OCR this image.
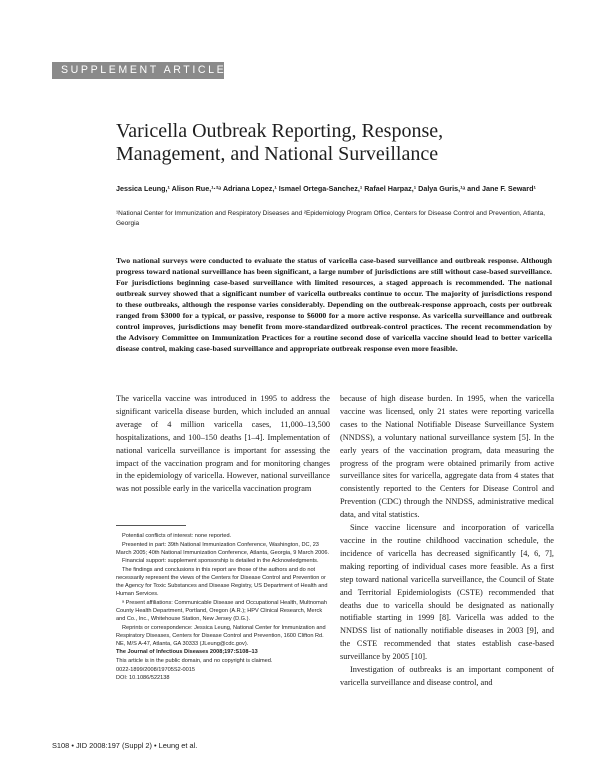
SUPPLEMENT ARTICLE
Varicella Outbreak Reporting, Response, Management, and National Surveillance

Jessica Leung,¹ Alison Rue,¹·²ᵃ Adriana Lopez,¹ Ismael Ortega-Sanchez,¹ Rafael Harpaz,¹ Dalya Guris,¹ᵃ and Jane F. Seward¹

¹National Center for Immunization and Respiratory Diseases and ²Epidemiology Program Office, Centers for Disease Control and Prevention, Atlanta, Georgia

Two national surveys were conducted to evaluate the status of varicella case-based surveillance and outbreak response. Although progress toward national surveillance has been significant, a large number of jurisdictions are still without case-based surveillance. For jurisdictions beginning case-based surveillance with limited resources, a staged approach is recommended. The national outbreak survey showed that a significant number of varicella outbreaks continue to occur. The majority of jurisdictions respond to these outbreaks, although the response varies considerably. Depending on the outbreak-response approach, costs per outbreak ranged from $3000 for a typical, or passive, response to $6000 for a more active response. As varicella surveillance and outbreak control improves, jurisdictions may benefit from more-standardized outbreak-control practices. The recent recommendation by the Advisory Committee on Immunization Practices for a routine second dose of varicella vaccine should lead to better varicella disease control, making case-based surveillance and appropriate outbreak response even more feasible.

The varicella vaccine was introduced in 1995 to address the significant varicella disease burden, which included an annual average of 4 million varicella cases, 11,000–13,500 hospitalizations, and 100–150 deaths [1–4]. Implementation of national varicella surveillance is important for assessing the impact of the vaccination program and for monitoring changes in the epidemiology of varicella. However, national surveillance was not possible early in the varicella vaccination program

Potential conflicts of interest: none reported.

Presented in part: 39th National Immunization Conference, Washington, DC, 23 March 2005; 40th National Immunization Conference, Atlanta, Georgia, 9 March 2006.

Financial support: supplement sponsorship is detailed in the Acknowledgments.

The findings and conclusions in this report are those of the authors and do not necessarily represent the views of the Centers for Disease Control and Prevention or the Agency for Toxic Substances and Disease Registry, US Department of Health and Human Services.

ᵃ Present affiliations: Communicable Disease and Occupational Health, Multnomah County Health Department, Portland, Oregon (A.R.); HPV Clinical Research, Merck and Co., Inc., Whitehouse Station, New Jersey (D.G.).

Reprints or correspondence: Jessica Leung, National Center for Immunization and Respiratory Diseases, Centers for Disease Control and Prevention, 1600 Clifton Rd. NE, M/S A-47, Atlanta, GA 30333 (JLeung@cdc.gov).

The Journal of Infectious Diseases 2008;197:S108–13

This article is in the public domain, and no copyright is claimed.

0022-1899/2008/19705S2-0015

DOI: 10.1086/522138

because of high disease burden. In 1995, when the varicella vaccine was licensed, only 21 states were reporting varicella cases to the National Notifiable Disease Surveillance System (NNDSS), a voluntary national surveillance system [5]. In the early years of the vaccination program, data measuring the progress of the program were obtained primarily from active surveillance sites for varicella, aggregate data from 4 states that consistently reported to the Centers for Disease Control and Prevention (CDC) through the NNDSS, administrative medical data, and vital statistics.

Since vaccine licensure and incorporation of varicella vaccine in the routine childhood vaccination schedule, the incidence of varicella has decreased significantly [4, 6, 7], making reporting of individual cases more feasible. As a first step toward national varicella surveillance, the Council of State and Territorial Epidemiologists (CSTE) recommended that deaths due to varicella should be designated as nationally notifiable starting in 1999 [8]. Varicella was added to the NNDSS list of nationally notifiable diseases in 2003 [9], and the CSTE recommended that states establish case-based surveillance by 2005 [10].

Investigation of outbreaks is an important component of varicella surveillance and disease control, and

S108 • JID 2008:197 (Suppl 2) • Leung et al.
